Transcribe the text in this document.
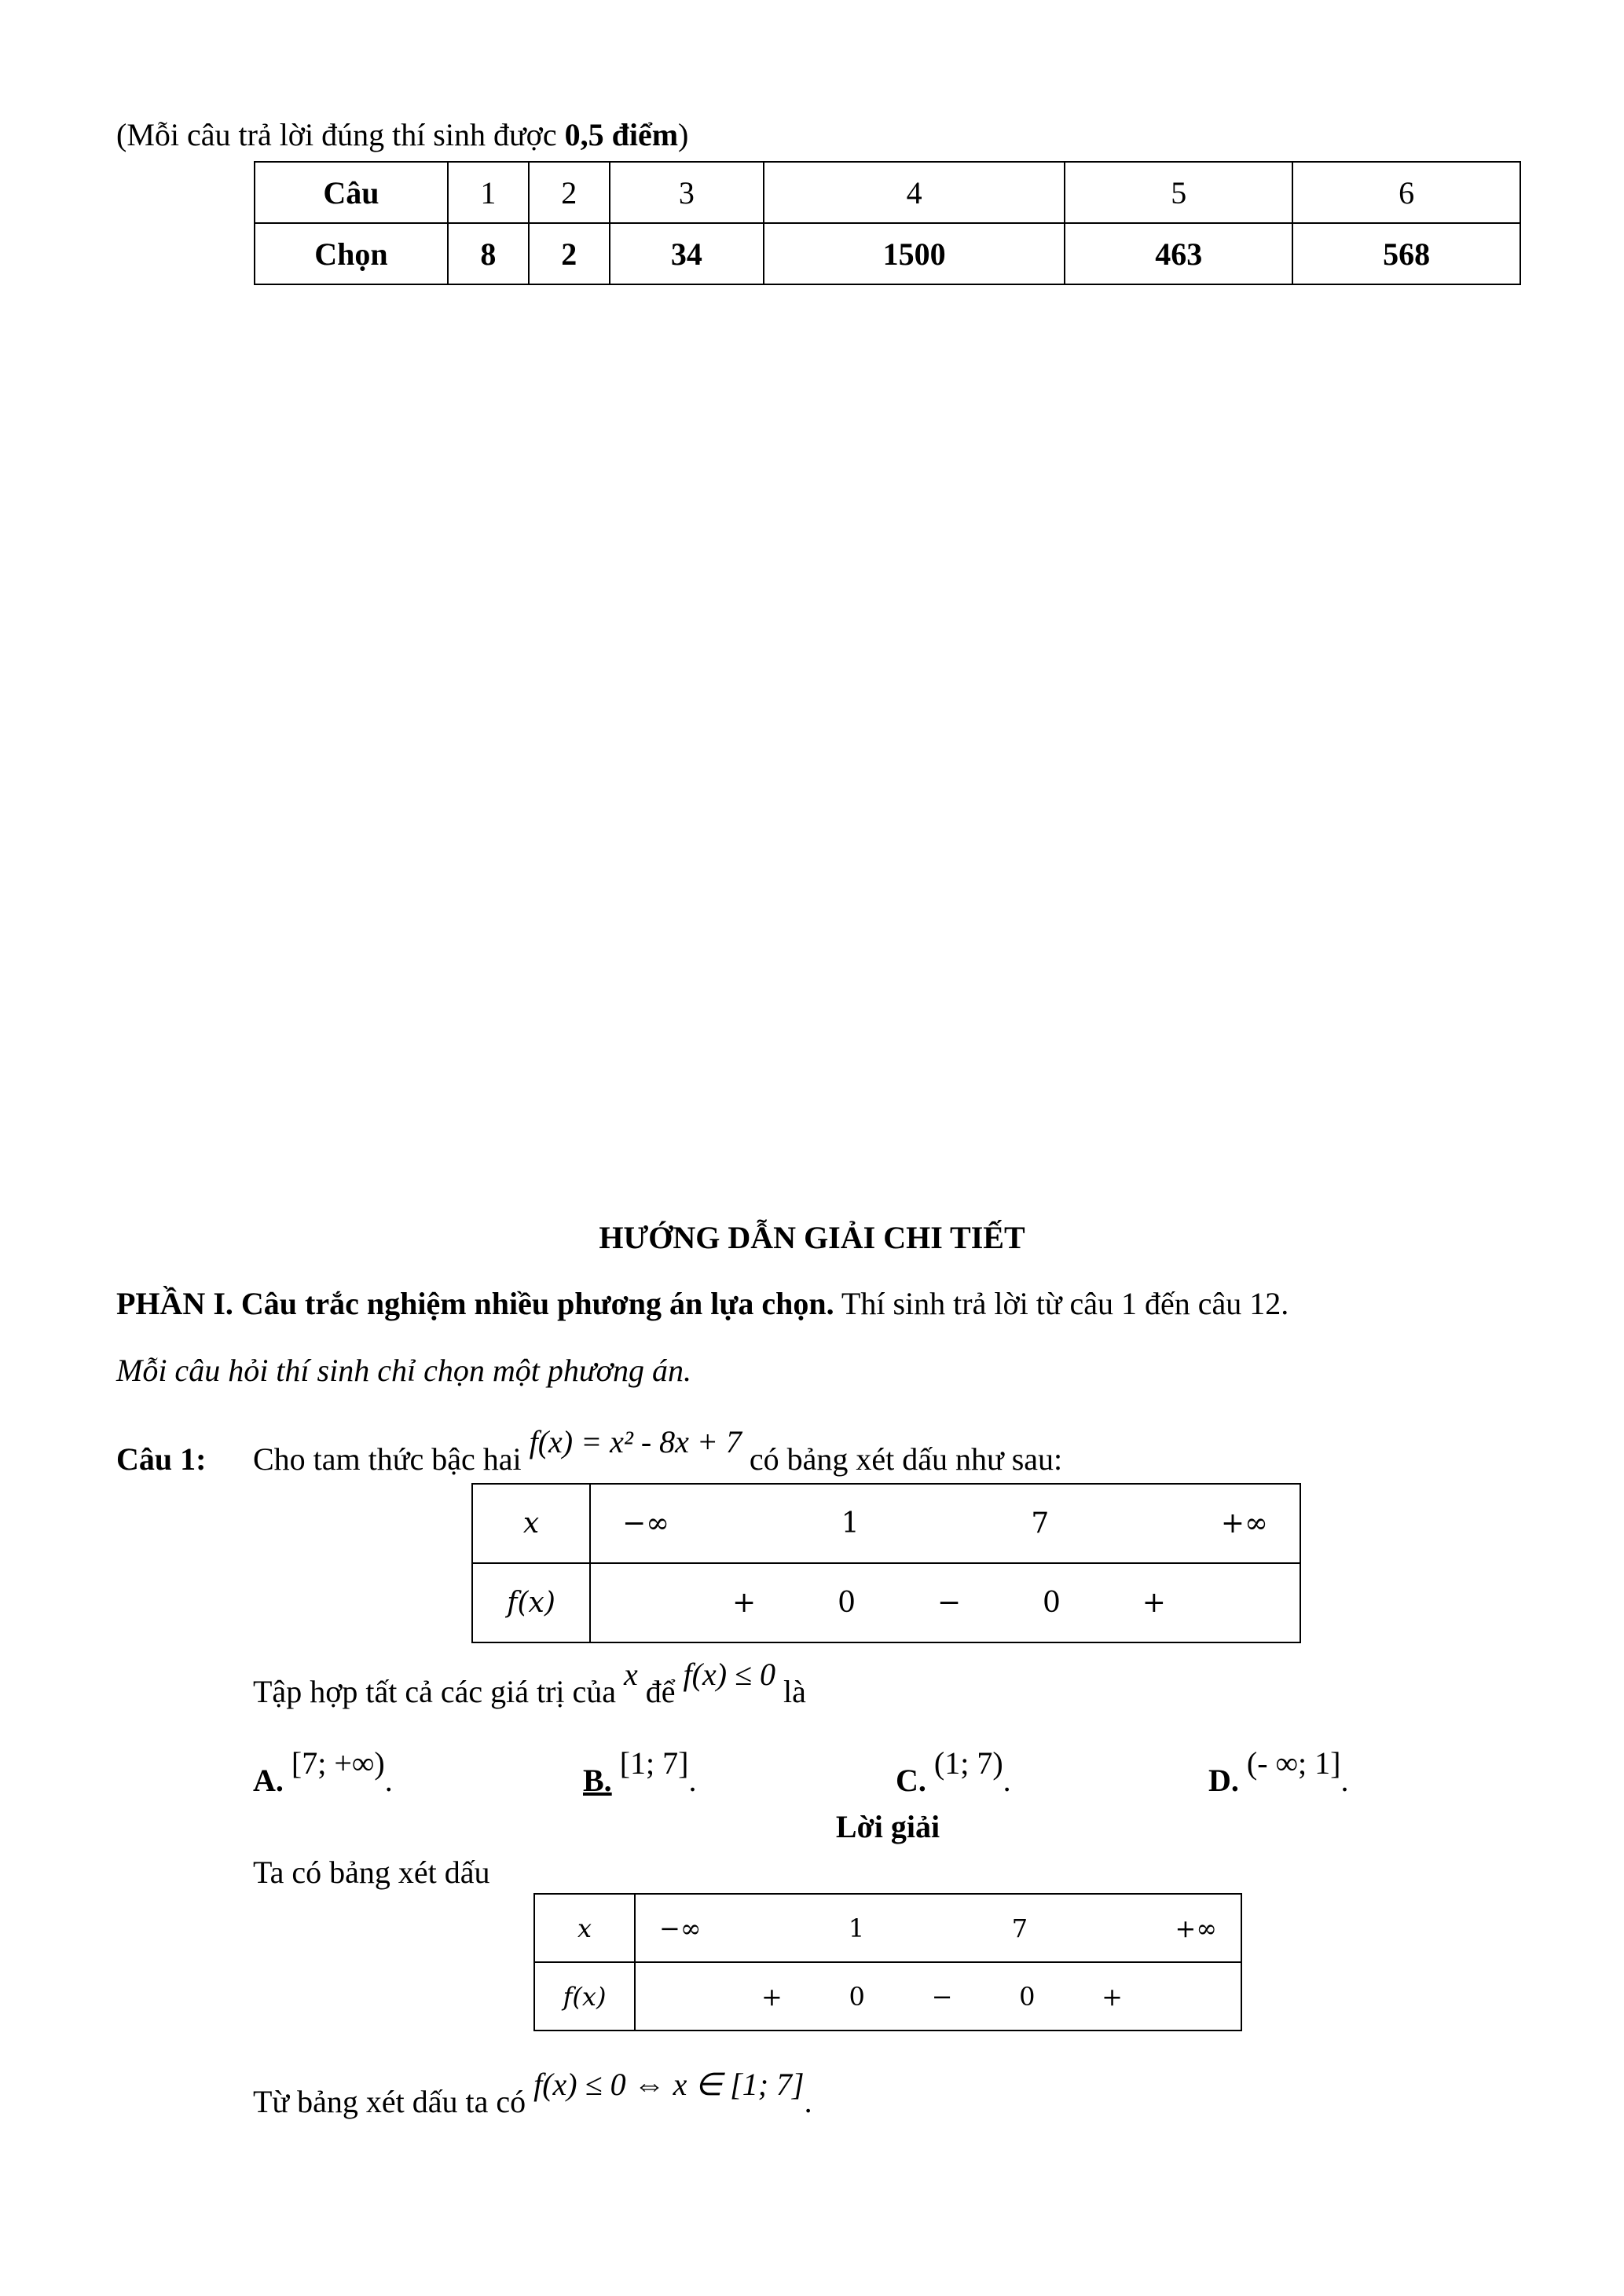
(Mỗi câu trả lời đúng thí sinh được 0,5 điểm)
Câu	1	2	3	4	5	6
Chọn	8	2	34	1500	463	568
HƯỚNG DẪN GIẢI CHI TIẾT
PHẦN I. Câu trắc nghiệm nhiều phương án lựa chọn. Thí sinh trả lời từ câu 1 đến câu 12.
Mỗi câu hỏi thí sinh chỉ chọn một phương án.
Câu 1: Cho tam thức bậc hai f(x) = x² - 8x + 7 có bảng xét dấu như sau:
x	−∞ 1 7 +∞

f(x)	+ 0 − 0 +
Tập hợp tất cả các giá trị của x để f(x) ≤ 0 là
A. [7; +∞).	B. [1; 7].	C. (1; 7).	D. (- ∞; 1].
Lời giải
Ta có bảng xét dấu
x	−∞ 1 7 +∞

f(x)	+ 0 − 0 +
Từ bảng xét dấu ta có f(x) ≤ 0 ⇔ x ∈ [1; 7].
